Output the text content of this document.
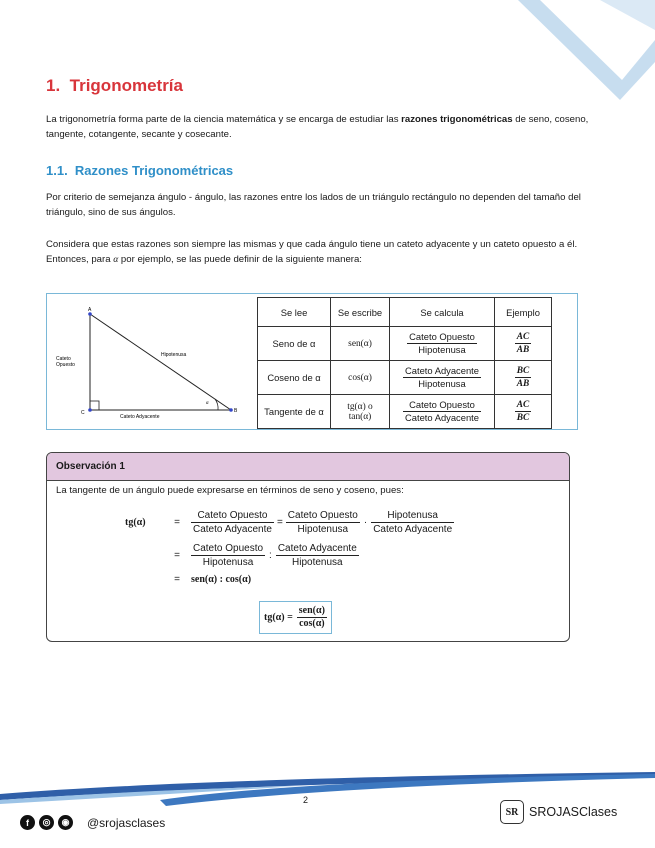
1. Trigonometría

La trigonometría forma parte de la ciencia matemática y se encarga de estudiar las razones trigonométricas de seno, coseno, tangente, cotangente, secante y cosecante.

1.1. Razones Trigonométricas

Por criterio de semejanza ángulo - ángulo, las razones entre los lados de un triángulo rectángulo no dependen del tamaño del triángulo, sino de sus ángulos.

Considera que estas razones son siempre las mismas y que cada ángulo tiene un cateto adyacente y un cateto opuesto a él. Entonces, para α por ejemplo, se las puede definir de la siguiente manera:

A
C	B
α
Cateto
Opuesto
Hipotenusa
Cateto Adyacente
Se lee	Se escribe	Se calcula	Ejemplo
Seno de α	sen(α)	$\frac{\text{Cateto Opuesto}}{\text{Hipotenusa}}$	$\frac{AC}{AB}$

Coseno de α	cos(α)	$\frac{\text{Cateto Adyacente}}{\text{Hipotenusa}}$	$\frac{BC}{AB}$

Tangente de α	tg(α) o tan(α)	$\frac{\text{Cateto Opuesto}}{\text{Cateto Adyacente}}$	$\frac{AC}{BC}$
Observación 1

La tangente de un ángulo puede expresarse en términos de seno y coseno, pues:

tg(α)	=	$\frac{\text{Cateto Opuesto}}{\text{Cateto Adyacente}} = \frac{\text{Cateto Opuesto}}{\text{Hipotenusa}} \cdot \frac{\text{Hipotenusa}}{\text{Cateto Adyacente}}$
=	$\frac{\text{Cateto Opuesto}}{\text{Hipotenusa}}$ : $\frac{\text{Cateto Adyacente}}{\text{Hipotenusa}}$
=	sen(α) : cos(α)
$tg(\alpha) = \frac{\text{sen(α)}}{\cos(\alpha)}$
2
f	◎	◉ @srojasclases
SR SROJASClases
